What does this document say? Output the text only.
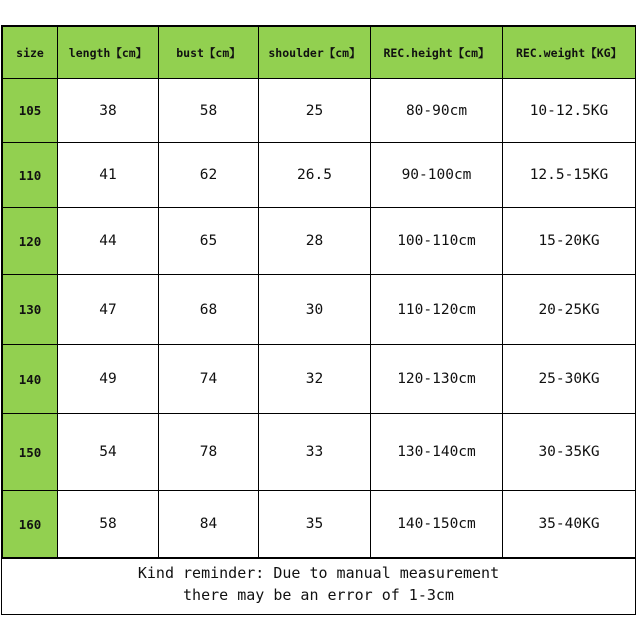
size	length【cm】	bust【cm】	shoulder【cm】	REC.height【cm】	REC.weight【KG】
105	38	58	25	80-90cm	10-12.5KG
110	41	62	26.5	90-100cm	12.5-15KG
120	44	65	28	100-110cm	15-20KG
130	47	68	30	110-120cm	20-25KG
140	49	74	32	120-130cm	25-30KG
150	54	78	33	130-140cm	30-35KG
160	58	84	35	140-150cm	35-40KG
Kind reminder: Due to manual measurement
there may be an error of 1-3cm
